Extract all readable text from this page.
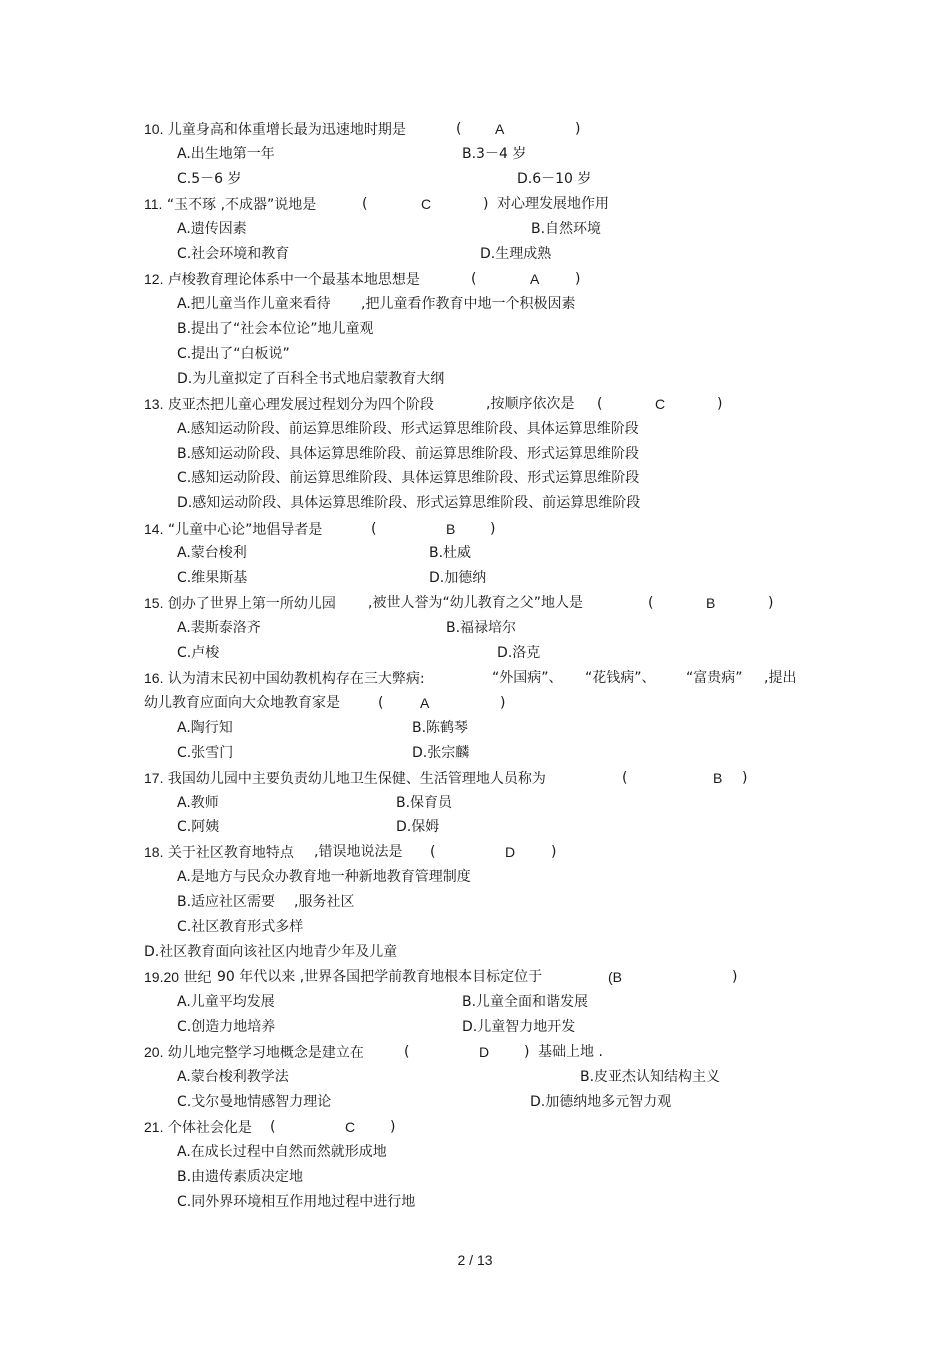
10. 儿童身高和体重增长最为迅速地时期是	( A	)
A.出生地第一年	B.3－4 岁
C.5－6 岁	D.6－10 岁
11. “玉不琢 ,不成器”说地是	(	C	) 对心理发展地作用
A.遗传因素	B.自然环境
C.社会环境和教育	D.生理成熟
12. 卢梭教育理论体系中一个最基本地思想是	(	A	)
A.把儿童当作儿童来看待 ,把儿童看作教育中地一个积极因素
B.提出了“社会本位论”地儿童观
C.提出了“白板说”
D.为儿童拟定了百科全书式地启蒙教育大纲
13. 皮亚杰把儿童心理发展过程划分为四个阶段	,按顺序依次是 (	C	)
A.感知运动阶段、前运算思维阶段、形式运算思维阶段、具体运算思维阶段
B.感知运动阶段、具体运算思维阶段、前运算思维阶段、形式运算思维阶段
C.感知运动阶段、前运算思维阶段、具体运算思维阶段、形式运算思维阶段
D.感知运动阶段、具体运算思维阶段、形式运算思维阶段、前运算思维阶段
14. “儿童中心论”地倡导者是	(	B )
A.蒙台梭利	B.杜威
C.维果斯基	D.加德纳
15. 创办了世界上第一所幼儿园 ,被世人誉为“幼儿教育之父”地人是	(	B	)
A.裴斯泰洛齐	B.福禄培尔
C.卢梭	D.洛克
16. 认为清末民初中国幼教机构存在三大弊病:	“外国病”、 “花钱病”、 “富贵病” ,提出
幼儿教育应面向大众地教育家是	(	A	)
A.陶行知	B.陈鹤琴
C.张雪门	D.张宗麟
17. 我国幼儿园中主要负责幼儿地卫生保健、生活管理地人员称为	(	B )
A.教师	B.保育员
C.阿姨	D.保姆
18. 关于社区教育地特点 ,错误地说法是 (	D	)
A.是地方与民众办教育地一种新地教育管理制度
B.适应社区需要 ,服务社区
C.社区教育形式多样
D.社区教育面向该社区内地青少年及儿童
19.20 世纪 90 年代以来 ,世界各国把学前教育地根本目标定位于	(B	)
A.儿童平均发展	B.儿童全面和谐发展
C.创造力地培养	D.儿童智力地开发
20. 幼儿地完整学习地概念是建立在	(	D ) 基础上地 .
A.蒙台梭利教学法	B.皮亚杰认知结构主义
C.戈尔曼地情感智力理论	D.加德纳地多元智力观
21. 个体社会化是 (	C )
A.在成长过程中自然而然就形成地
B.由遗传素质决定地
C.同外界环境相互作用地过程中进行地
2 / 13
